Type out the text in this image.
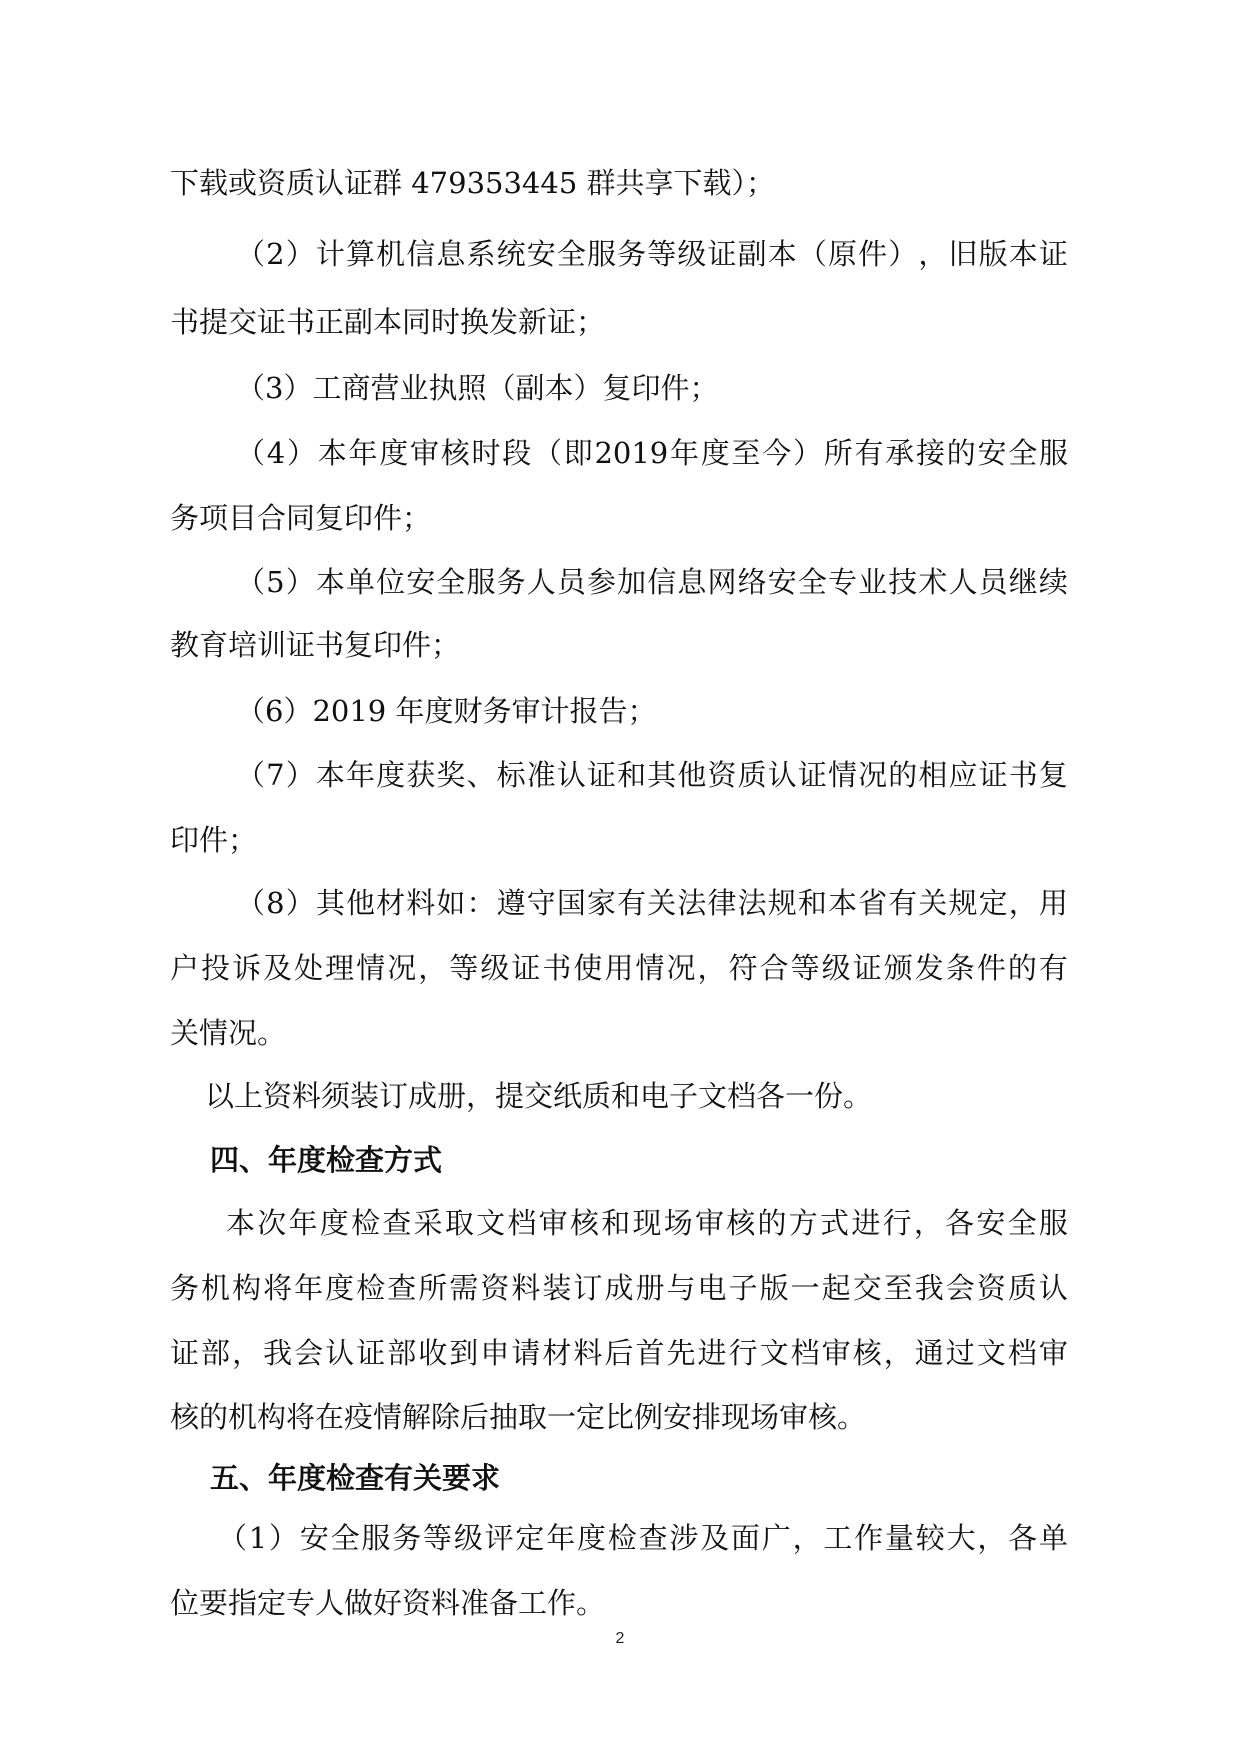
下载或资质认证群 479353445 群共享下载）；
（ 2 ） 计 算 机 信 息 系 统 安 全 服 务 等 级 证 副 本 （ 原 件 ） ， 旧 版 本 证
书提交证书正副本同时换发新证；
（3）工商营业执照（副本）复印件；
（ 4 ） 本 年 度 审 核 时 段 （ 即 2019 年 度 至 今 ） 所 有 承 接 的 安 全 服
务项目合同复印件；
（ 5 ） 本 单 位 安 全 服 务 人 员 参 加 信 息 网 络 安 全 专 业 技 术 人 员 继 续
教育培训证书复印件；
（6）2019 年度财务审计报告；
（ 7 ） 本 年 度 获 奖 、 标 准 认 证 和 其 他 资 质 认 证 情 况 的 相 应 证 书 复
印件；
（ 8 ） 其 他 材 料 如 ： 遵 守 国 家 有 关 法 律 法 规 和 本 省 有 关 规 定 ， 用
户 投 诉 及 处 理 情 况 ， 等 级 证 书 使 用 情 况 ， 符 合 等 级 证 颁 发 条 件 的 有
关情况。
以上资料须装订成册，提交纸质和电子文档各一份。
四、年度检查方式
本 次 年 度 检 查 采 取 文 档 审 核 和 现 场 审 核 的 方 式 进 行 ， 各 安 全 服
务 机 构 将 年 度 检 查 所 需 资 料 装 订 成 册 与 电 子 版 一 起 交 至 我 会 资 质 认
证 部 ， 我 会 认 证 部 收 到 申 请 材 料 后 首 先 进 行 文 档 审 核 ， 通 过 文 档 审
核的机构将在疫情解除后抽取一定比例安排现场审核。
五、年度检查有关要求
（ 1 ） 安 全 服 务 等 级 评 定 年 度 检 查 涉 及 面 广 ， 工 作 量 较 大 ， 各 单
位要指定专人做好资料准备工作。
2
